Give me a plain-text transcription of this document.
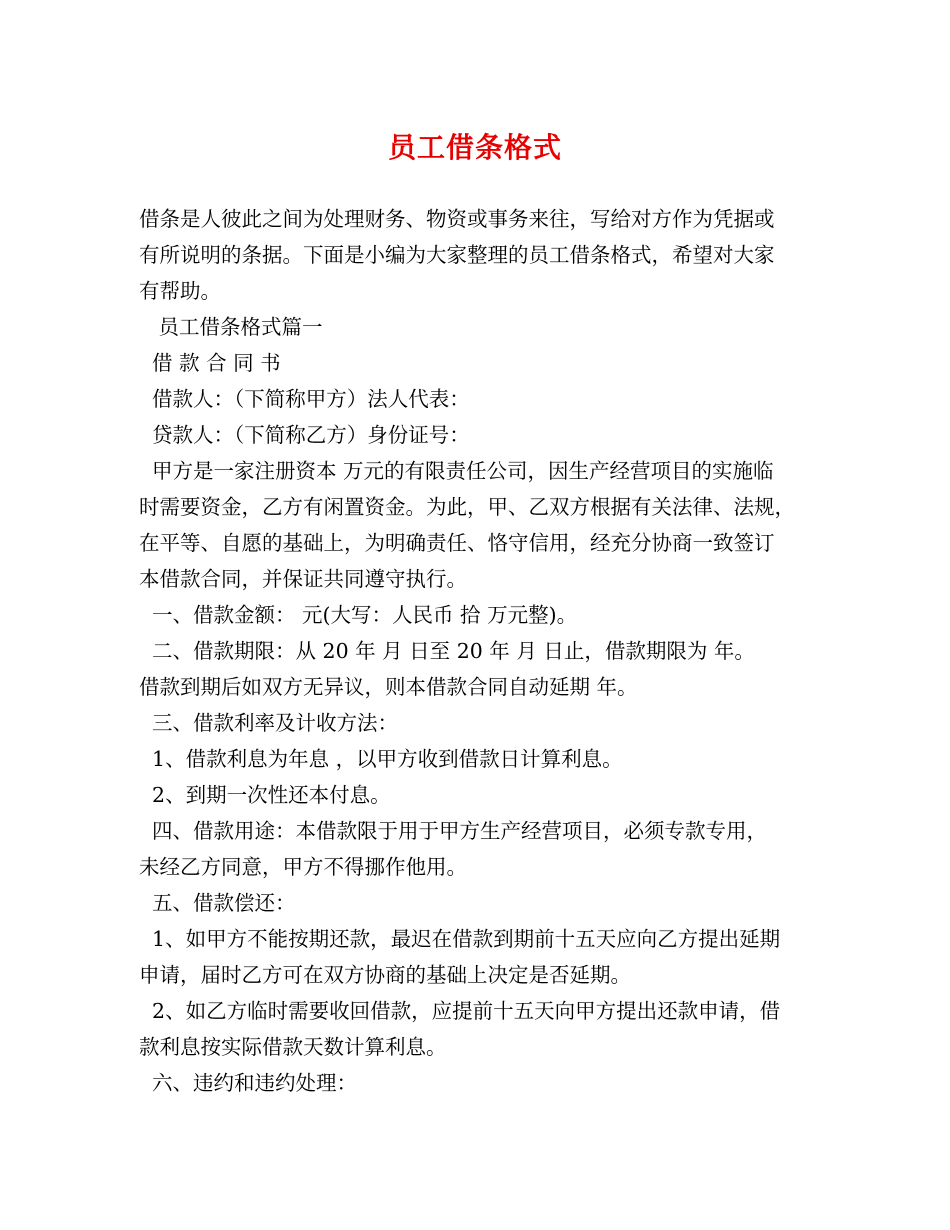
员工借条格式
借条是人彼此之间为处理财务、物资或事务来往，写给对方作为凭据或
有所说明的条据。下面是小编为大家整理的员工借条格式，希望对大家
有帮助。
员工借条格式篇一
借 款 合 同 书
借款人：（下简称甲方）法人代表：
贷款人：（下简称乙方）身份证号：
甲方是一家注册资本 万元的有限责任公司，因生产经营项目的实施临
时需要资金，乙方有闲置资金。为此，甲、乙双方根据有关法律、法规，
在平等、自愿的基础上，为明确责任、恪守信用，经充分协商一致签订
本借款合同，并保证共同遵守执行。
一、借款金额： 元(大写：人民币 拾 万元整)。
二、借款期限：从 20 年 月 日至 20 年 月 日止，借款期限为 年。
借款到期后如双方无异议，则本借款合同自动延期 年。
三、借款利率及计收方法：
1、借款利息为年息 ，以甲方收到借款日计算利息。
2、到期一次性还本付息。
四、借款用途：本借款限于用于甲方生产经营项目，必须专款专用，
未经乙方同意，甲方不得挪作他用。
五、借款偿还：
1、如甲方不能按期还款，最迟在借款到期前十五天应向乙方提出延期
申请，届时乙方可在双方协商的基础上决定是否延期。
2、如乙方临时需要收回借款，应提前十五天向甲方提出还款申请，借
款利息按实际借款天数计算利息。
六、违约和违约处理：
